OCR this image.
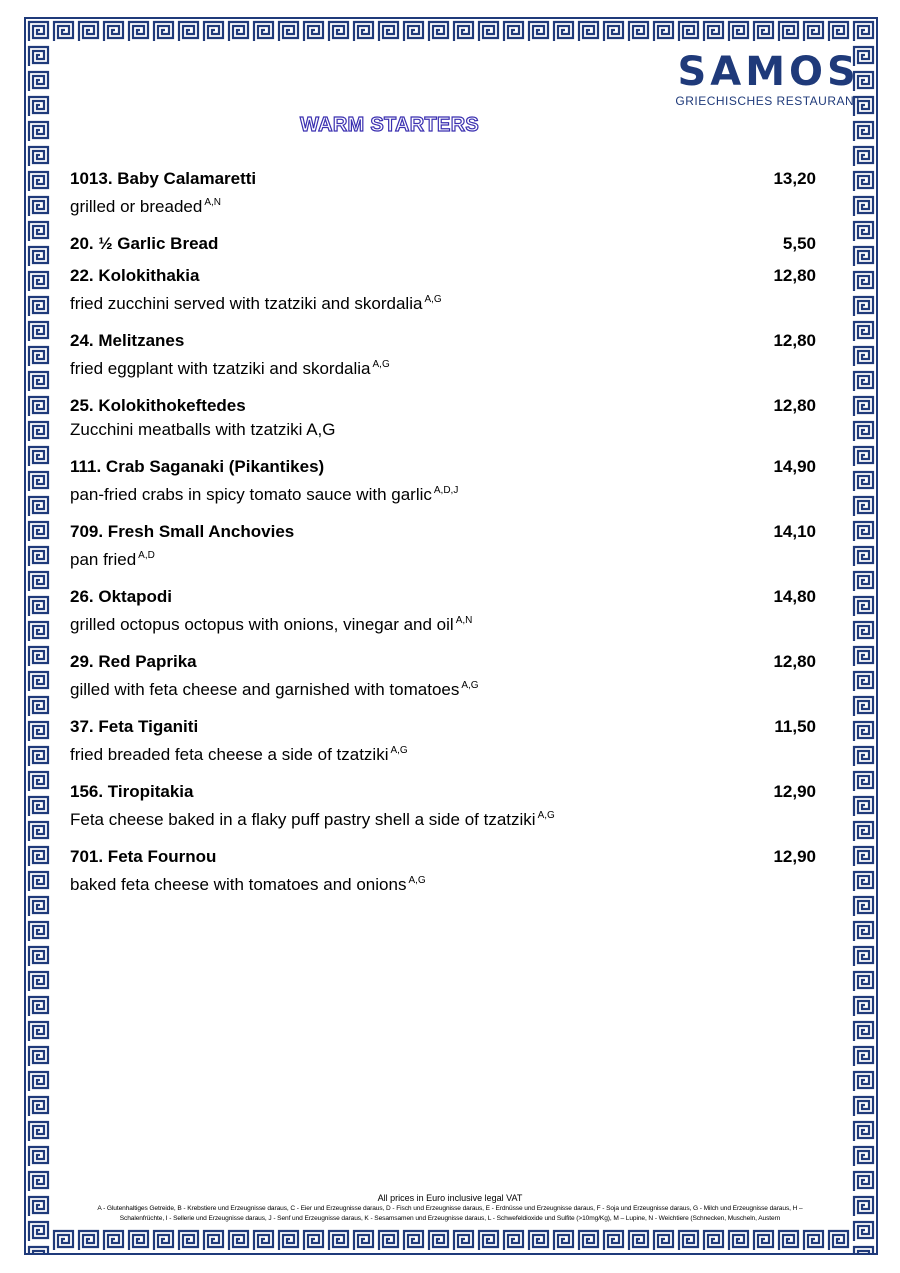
SAMOS
GRIECHISCHES RESTAURANT
WARM STARTERS
1013. Baby Calamaretti	13,20
grilled or breaded $^{A,N}$
20. ½ Garlic Bread	5,50
22. Kolokithakia	12,80
fried zucchini served with tzatziki and skordalia $^{A,G}$
24. Melitzanes	12,80
fried eggplant with tzatziki and skordalia $^{A,G}$
25. Kolokithokeftedes	12,80
Zucchini meatballs with tzatziki A,G
111. Crab Saganaki (Pikantikes)	14,90
pan-fried crabs in spicy tomato sauce with garlic $^{A,D,J}$
709. Fresh Small Anchovies	14,10
pan fried $^{A,D}$
26. Oktapodi	14,80
grilled octopus octopus with onions, vinegar and oil $^{A,N}$
29. Red Paprika	12,80
gilled with feta cheese and garnished with tomatoes $^{A,G}$
37. Feta Tiganiti	11,50
fried breaded feta cheese a side of tzatziki $^{A,G}$
156. Tiropitakia	12,90
Feta cheese baked in a flaky puff pastry shell a side of tzatziki $^{A,G}$
701. Feta Fournou	12,90
baked feta cheese with tomatoes and onions $^{A,G}$
All prices in Euro inclusive legal VAT
A - Glutenhaltiges Getreide, B - Krebstiere und Erzeugnisse daraus, C - Eier und Erzeugnisse daraus, D - Fisch und Erzeugnisse daraus, E - Erdnüsse und Erzeugnisse daraus, F - Soja und Erzeugnisse daraus, G - Milch und Erzeugnisse daraus, H –
Schalenfrüchte, I - Sellerie und Erzeugnisse daraus, J - Senf und Erzeugnisse daraus, K - Sesamsamen und Erzeugnisse daraus, L - Schwefeldioxide und Sulfite (>10mg/Kg), M – Lupine, N - Weichtiere (Schnecken, Muscheln, Austern
